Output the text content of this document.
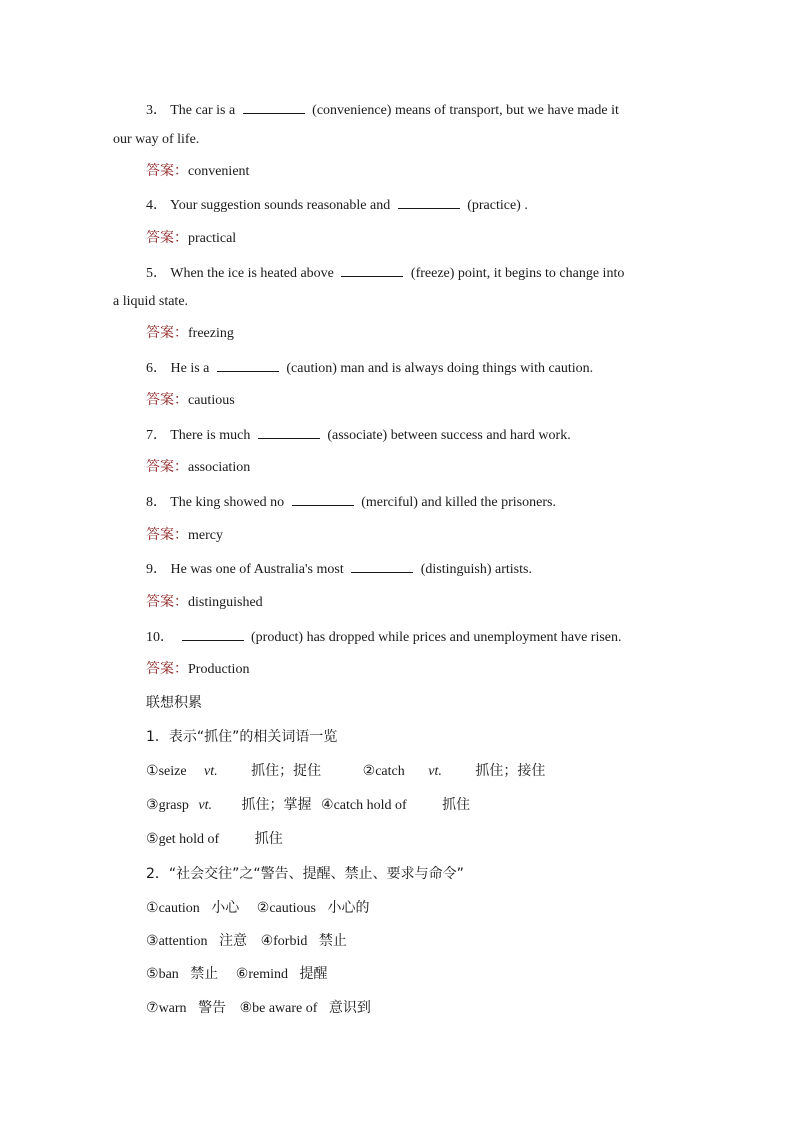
3． The car is a	(convenience) means of transport, but we have made it
our way of life.
答案：convenient
4． Your suggestion sounds reasonable and	(practice) .
答案：practical
5． When the ice is heated above	(freeze) point, it begins to change into
a liquid state.
答案：freezing
6． He is a	(caution) man and is always doing things with caution.
答案：cautious
7． There is much	(associate) between success and hard work.
答案：association
8． The king showed no	(merciful) and killed the prisoners.
答案：mercy
9． He was one of Australia's most	(distinguish) artists.
答案：distinguished
10．	(product) has dropped while prices and unemployment have risen.
答案：Production
联想积累
1．表示“抓住”的相关词语一览
①seize vt. 抓住；捉住	②catch vt. 抓住；接住
③grasp vt. 抓住；掌握 ④catch hold of	抓住
⑤get hold of	抓住
2．“社会交往”之“警告、提醒、禁止、要求与命令”
①caution 小心 ②cautious 小心的
③attention 注意 ④forbid 禁止
⑤ban 禁止 ⑥remind 提醒
⑦warn 警告 ⑧be aware of 意识到
